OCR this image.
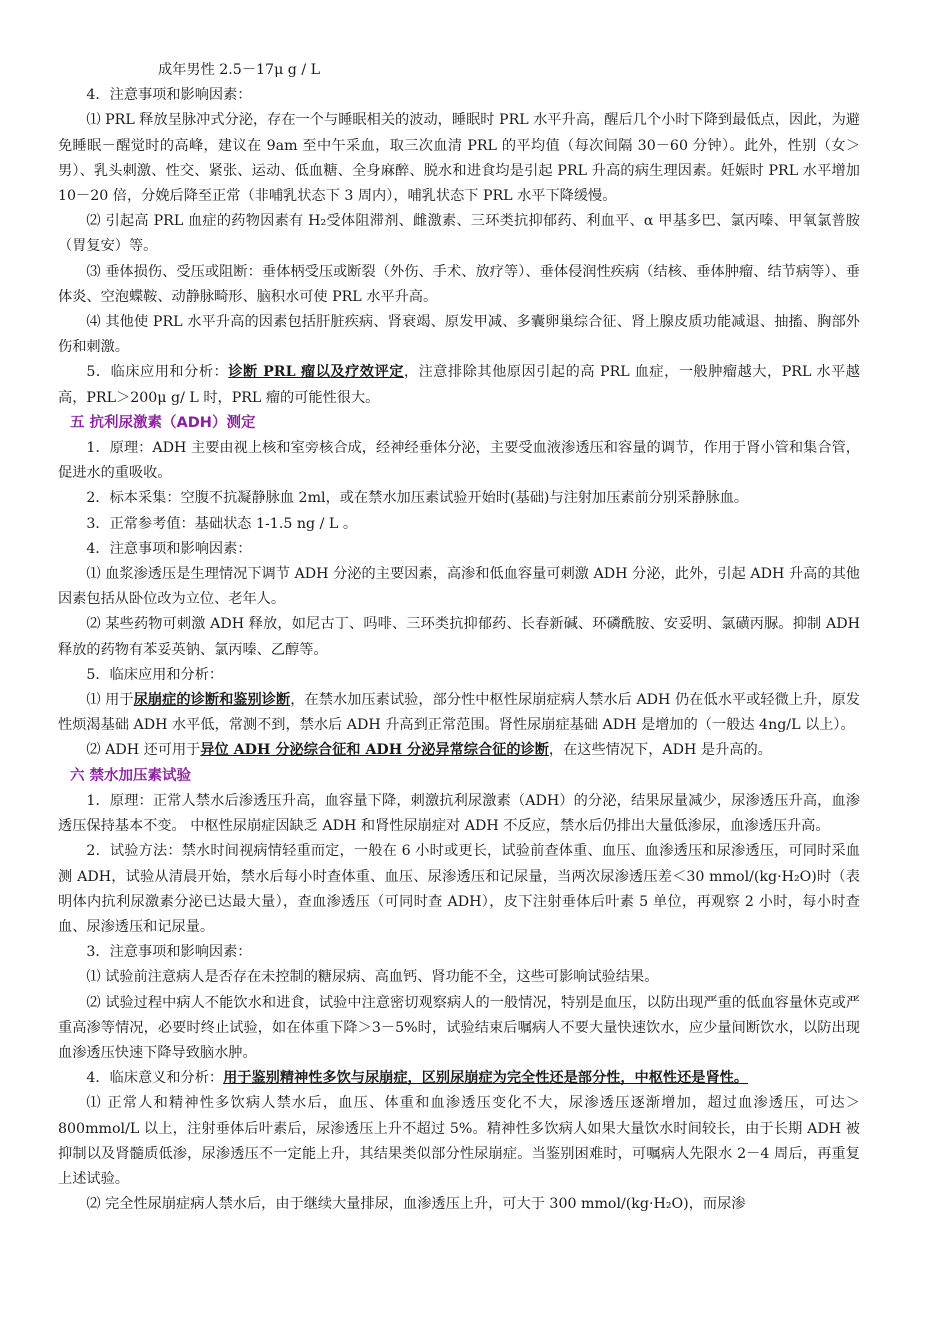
成年男性 2.5－17μ g / L

4．注意事项和影响因素：

⑴ PRL 释放呈脉冲式分泌，存在一个与睡眠相关的波动，睡眠时 PRL 水平升高，醒后几个小时下降到最低点，因此，为避免睡眠－醒觉时的高峰，建议在 9am 至中午采血，取三次血清 PRL 的平均值（每次间隔 30－60 分钟）。此外，性别（女＞男）、乳头刺激、性交、紧张、运动、低血糖、全身麻醉、脱水和进食均是引起 PRL 升高的病生理因素。妊娠时 PRL 水平增加 10－20 倍，分娩后降至正常（非哺乳状态下 3 周内），哺乳状态下 PRL 水平下降缓慢。

⑵ 引起高 PRL 血症的药物因素有 H₂受体阻滞剂、雌激素、三环类抗抑郁药、利血平、α 甲基多巴、氯丙嗪、甲氧氯普胺（胃复安）等。

⑶ 垂体损伤、受压或阻断：垂体柄受压或断裂（外伤、手术、放疗等）、垂体侵润性疾病（结核、垂体肿瘤、结节病等）、垂体炎、空泡蝶鞍、动静脉畸形、脑积水可使 PRL 水平升高。

⑷ 其他使 PRL 水平升高的因素包括肝脏疾病、肾衰竭、原发甲减、多囊卵巢综合征、肾上腺皮质功能减退、抽搐、胸部外伤和刺激。

5．临床应用和分析：诊断 PRL 瘤以及疗效评定，注意排除其他原因引起的高 PRL 血症，一般肿瘤越大，PRL 水平越高，PRL＞200μ g/ L 时，PRL 瘤的可能性很大。

五 抗利尿激素（ADH）测定

1．原理：ADH 主要由视上核和室旁核合成，经神经垂体分泌，主要受血液渗透压和容量的调节，作用于肾小管和集合管，促进水的重吸收。

2．标本采集：空腹不抗凝静脉血 2ml，或在禁水加压素试验开始时(基础)与注射加压素前分别采静脉血。

3．正常参考值：基础状态 1-1.5 ng / L 。

4．注意事项和影响因素：

⑴ 血浆渗透压是生理情况下调节 ADH 分泌的主要因素，高渗和低血容量可刺激 ADH 分泌，此外，引起 ADH 升高的其他因素包括从卧位改为立位、老年人。

⑵ 某些药物可刺激 ADH 释放，如尼古丁、吗啡、三环类抗抑郁药、长春新碱、环磷酰胺、安妥明、氯磺丙脲。抑制 ADH 释放的药物有苯妥英钠、氯丙嗪、乙醇等。

5．临床应用和分析：

⑴ 用于尿崩症的诊断和鉴别诊断，在禁水加压素试验，部分性中枢性尿崩症病人禁水后 ADH 仍在低水平或轻微上升，原发性烦渴基础 ADH 水平低，常测不到，禁水后 ADH 升高到正常范围。肾性尿崩症基础 ADH 是增加的（一般达 4ng/L 以上）。

⑵ ADH 还可用于异位 ADH 分泌综合征和 ADH 分泌异常综合征的诊断，在这些情况下，ADH 是升高的。

六 禁水加压素试验

1．原理：正常人禁水后渗透压升高，血容量下降，刺激抗利尿激素（ADH）的分泌，结果尿量减少，尿渗透压升高，血渗透压保持基本不变。 中枢性尿崩症因缺乏 ADH 和肾性尿崩症对 ADH 不反应，禁水后仍排出大量低渗尿，血渗透压升高。

2．试验方法：禁水时间视病情轻重而定，一般在 6 小时或更长，试验前查体重、血压、血渗透压和尿渗透压，可同时采血测 ADH，试验从清晨开始，禁水后每小时查体重、血压、尿渗透压和记尿量，当两次尿渗透压差＜30 mmol/(kg·H₂O)时（表明体内抗利尿激素分泌已达最大量），查血渗透压（可同时查 ADH），皮下注射垂体后叶素 5 单位，再观察 2 小时，每小时查血、尿渗透压和记尿量。

3．注意事项和影响因素：

⑴ 试验前注意病人是否存在未控制的糖尿病、高血钙、肾功能不全，这些可影响试验结果。

⑵ 试验过程中病人不能饮水和进食，试验中注意密切观察病人的一般情况，特别是血压，以防出现严重的低血容量休克或严重高渗等情况，必要时终止试验，如在体重下降＞3－5%时，试验结束后嘱病人不要大量快速饮水，应少量间断饮水，以防出现血渗透压快速下降导致脑水肿。

4．临床意义和分析：用于鉴别精神性多饮与尿崩症，区别尿崩症为完全性还是部分性，中枢性还是肾性。

⑴ 正常人和精神性多饮病人禁水后，血压、体重和血渗透压变化不大，尿渗透压逐渐增加，超过血渗透压，可达＞800mmol/L 以上，注射垂体后叶素后，尿渗透压上升不超过 5%。精神性多饮病人如果大量饮水时间较长，由于长期 ADH 被抑制以及肾髓质低渗，尿渗透压不一定能上升，其结果类似部分性尿崩症。当鉴别困难时，可嘱病人先限水 2－4 周后，再重复上述试验。

⑵ 完全性尿崩症病人禁水后，由于继续大量排尿，血渗透压上升，可大于 300 mmol/(kg·H₂O)，而尿渗
